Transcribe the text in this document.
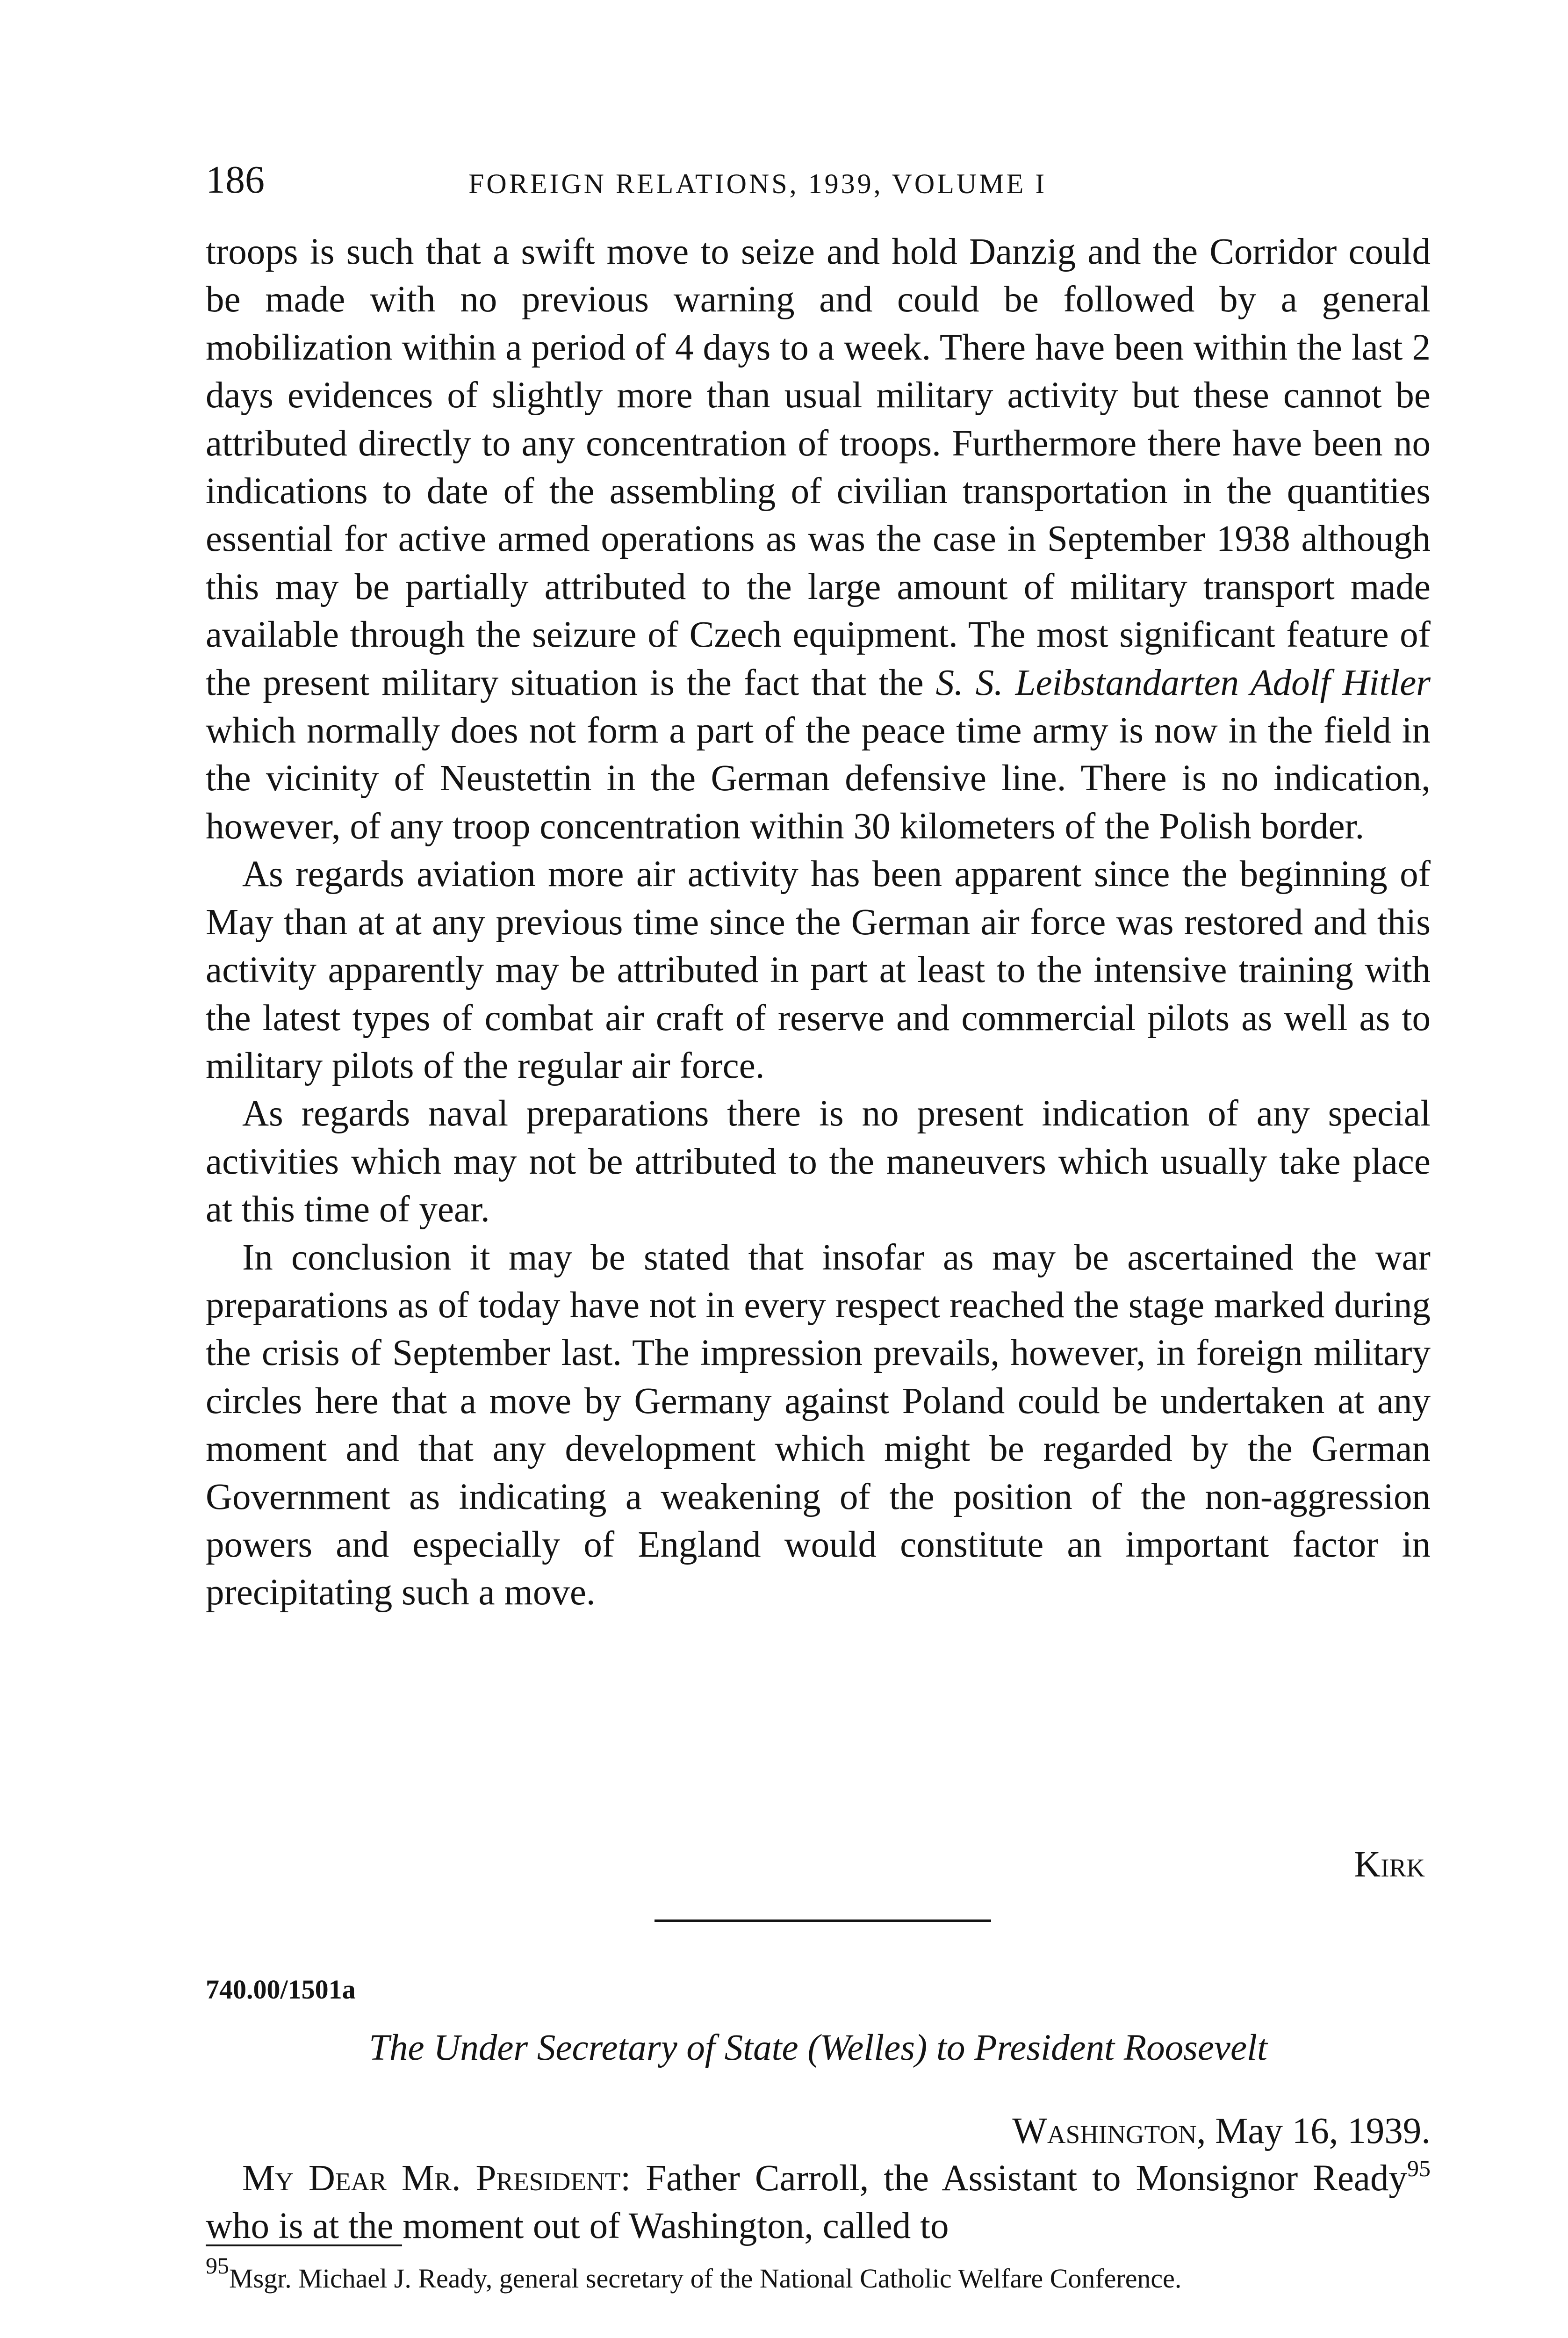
186	FOREIGN RELATIONS, 1939, VOLUME I

troops is such that a swift move to seize and hold Danzig and the Corridor could be made with no previous warning and could be followed by a general mobilization within a period of 4 days to a week. There have been within the last 2 days evidences of slightly more than usual military activity but these cannot be attributed directly to any concentration of troops. Furthermore there have been no indications to date of the assembling of civilian transportation in the quantities essential for active armed operations as was the case in September 1938 although this may be partially attributed to the large amount of military transport made available through the seizure of Czech equipment. The most significant feature of the present military situation is the fact that the S. S. Leibstandarten Adolf Hitler which normally does not form a part of the peace time army is now in the field in the vicinity of Neustettin in the German defensive line. There is no indication, however, of any troop concentration within 30 kilometers of the Polish border.

As regards aviation more air activity has been apparent since the beginning of May than at at any previous time since the German air force was restored and this activity apparently may be attributed in part at least to the intensive training with the latest types of combat air craft of reserve and commercial pilots as well as to military pilots of the regular air force.

As regards naval preparations there is no present indication of any special activities which may not be attributed to the maneuvers which usually take place at this time of year.

In conclusion it may be stated that insofar as may be ascertained the war preparations as of today have not in every respect reached the stage marked during the crisis of September last. The impression prevails, however, in foreign military circles here that a move by Germany against Poland could be undertaken at any moment and that any development which might be regarded by the German Government as indicating a weakening of the position of the non-aggression powers and especially of England would constitute an important factor in precipitating such a move.

Kirk
740.00/1501a
The Under Secretary of State (Welles) to President Roosevelt
Washington, May 16, 1939.
My Dear Mr. President: Father Carroll, the Assistant to Monsignor Ready$^{95}$ who is at the moment out of Washington, called to
$^{95}$Msgr. Michael J. Ready, general secretary of the National Catholic Welfare Conference.
